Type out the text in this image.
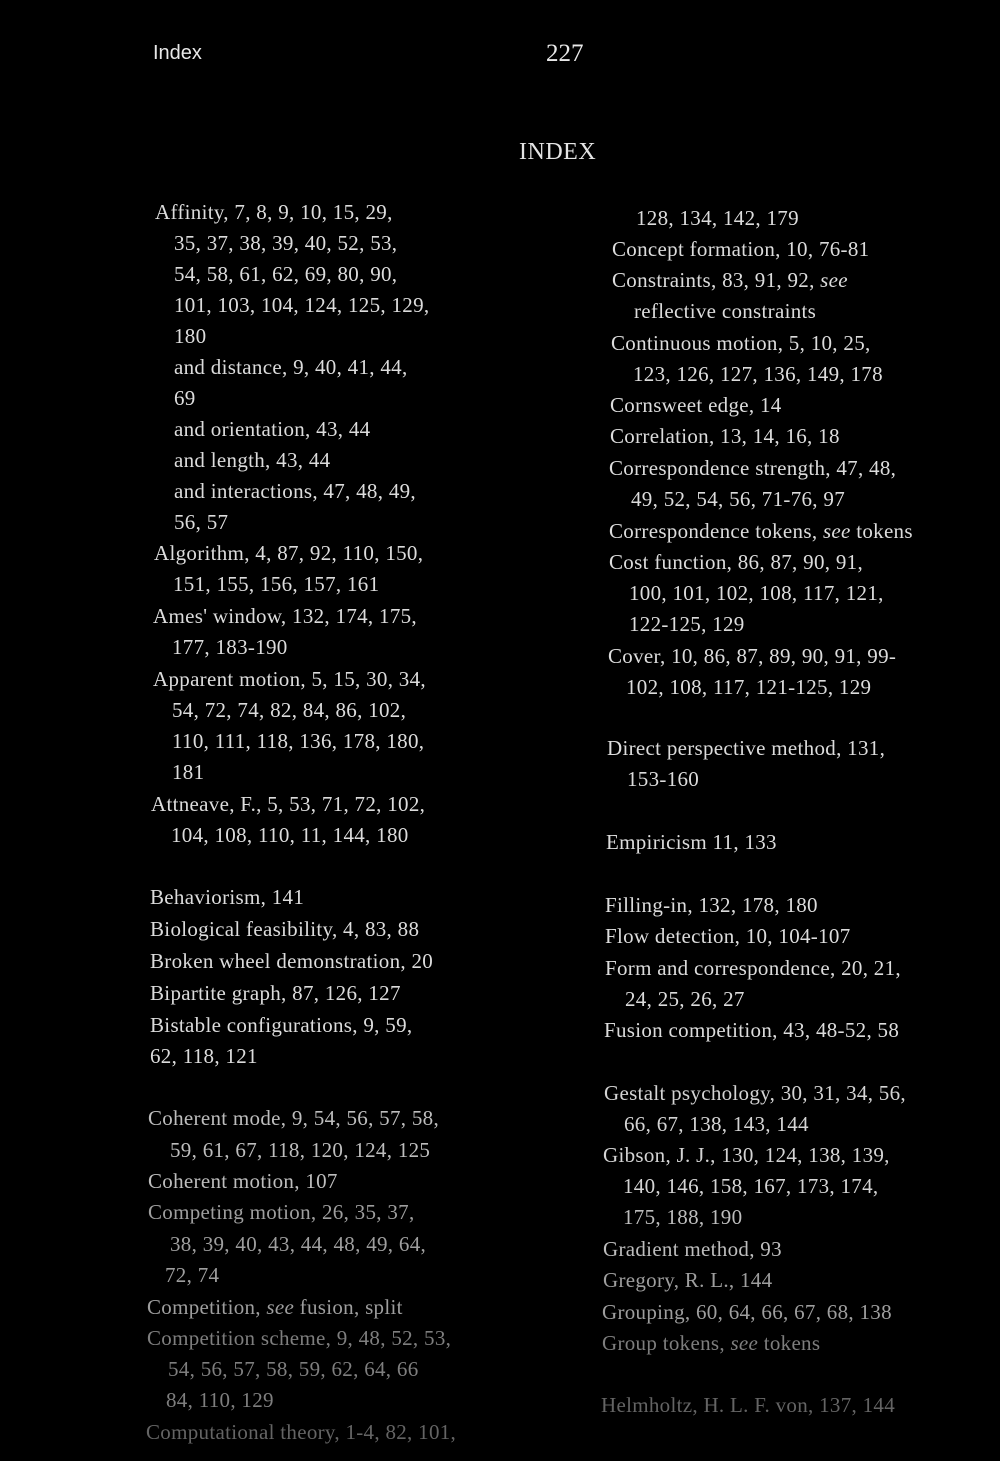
Index	227
INDEX
Affinity, 7, 8, 9, 10, 15, 29,
35, 37, 38, 39, 40, 52, 53,
54, 58, 61, 62, 69, 80, 90,
101, 103, 104, 124, 125, 129,
180
and distance, 9, 40, 41, 44,
69
and orientation, 43, 44
and length, 43, 44
and interactions, 47, 48, 49,
56, 57
Algorithm, 4, 87, 92, 110, 150,
151, 155, 156, 157, 161
Ames' window, 132, 174, 175,
177, 183-190
Apparent motion, 5, 15, 30, 34,
54, 72, 74, 82, 84, 86, 102,
110, 111, 118, 136, 178, 180,
181
Attneave, F., 5, 53, 71, 72, 102,
104, 108, 110, 11, 144, 180
Behaviorism, 141
Biological feasibility, 4, 83, 88
Broken wheel demonstration, 20
Bipartite graph, 87, 126, 127
Bistable configurations, 9, 59,
62, 118, 121
Coherent mode, 9, 54, 56, 57, 58,
59, 61, 67, 118, 120, 124, 125
Coherent motion, 107
Competing motion, 26, 35, 37,
38, 39, 40, 43, 44, 48, 49, 64,
72, 74
Competition, see fusion, split
Competition scheme, 9, 48, 52, 53,
54, 56, 57, 58, 59, 62, 64, 66
84, 110, 129
Computational theory, 1-4, 82, 101,
128, 134, 142, 179
Concept formation, 10, 76-81
Constraints, 83, 91, 92, see
reflective constraints
Continuous motion, 5, 10, 25,
123, 126, 127, 136, 149, 178
Cornsweet edge, 14
Correlation, 13, 14, 16, 18
Correspondence strength, 47, 48,
49, 52, 54, 56, 71-76, 97
Correspondence tokens, see tokens
Cost function, 86, 87, 90, 91,
100, 101, 102, 108, 117, 121,
122-125, 129
Cover, 10, 86, 87, 89, 90, 91, 99-
102, 108, 117, 121-125, 129
Direct perspective method, 131,
153-160
Empiricism 11, 133
Filling-in, 132, 178, 180
Flow detection, 10, 104-107
Form and correspondence, 20, 21,
24, 25, 26, 27
Fusion competition, 43, 48-52, 58
Gestalt psychology, 30, 31, 34, 56,
66, 67, 138, 143, 144
Gibson, J. J., 130, 124, 138, 139,
140, 146, 158, 167, 173, 174,
175, 188, 190
Gradient method, 93
Gregory, R. L., 144
Grouping, 60, 64, 66, 67, 68, 138
Group tokens, see tokens
Helmholtz, H. L. F. von, 137, 144
